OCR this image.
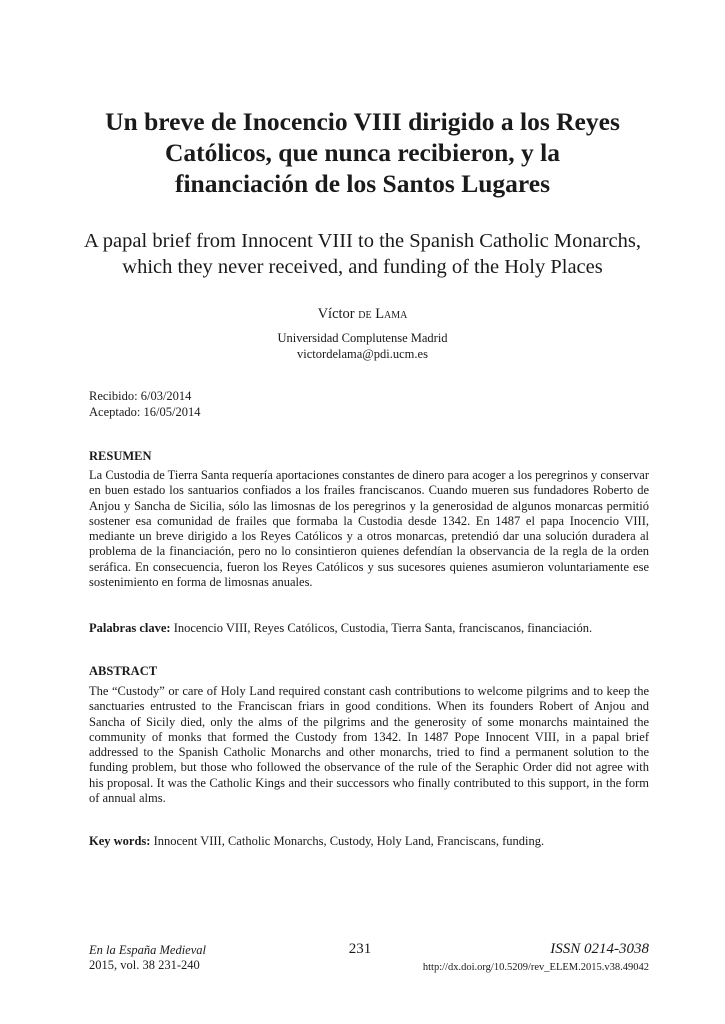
Un breve de Inocencio VIII dirigido a los Reyes
Católicos, que nunca recibieron, y la
financiación de los Santos Lugares
A papal brief from Innocent VIII to the Spanish Catholic Monarchs,
which they never received, and funding of the Holy Places
Víctor de Lama
Universidad Complutense Madrid
victordelama@pdi.ucm.es
Recibido: 6/03/2014
Aceptado: 16/05/2014
RESUMEN

La Custodia de Tierra Santa requería aportaciones constantes de dinero para acoger a los peregrinos y conservar en buen estado los santuarios confiados a los frailes franciscanos. Cuando mueren sus fundadores Roberto de Anjou y Sancha de Sicilia, sólo las limosnas de los peregrinos y la generosidad de algunos monarcas permitió sostener esa comunidad de frailes que formaba la Custodia desde 1342. En 1487 el papa Inocencio VIII, mediante un breve dirigido a los Reyes Católicos y a otros monarcas, pretendió dar una solución duradera al problema de la financiación, pero no lo consintieron quienes defendían la observancia de la regla de la orden seráfica. En consecuencia, fueron los Reyes Católicos y sus sucesores quienes asumieron voluntariamente ese sostenimiento en forma de limosnas anuales.

Palabras clave: Inocencio VIII, Reyes Católicos, Custodia, Tierra Santa, franciscanos, financiación.

ABSTRACT

The “Custody” or care of Holy Land required constant cash contributions to welcome pilgrims and to keep the sanctuaries entrusted to the Franciscan friars in good conditions. When its founders Robert of Anjou and Sancha of Sicily died, only the alms of the pilgrims and the generosity of some monarchs maintained the community of monks that formed the Custody from 1342. In 1487 Pope Innocent VIII, in a papal brief addressed to the Spanish Catholic Monarchs and other monarchs, tried to find a permanent solution to the funding problem, but those who followed the observance of the rule of the Seraphic Order did not agree with his proposal. It was the Catholic Kings and their successors who finally contributed to this support, in the form of annual alms.

Key words: Innocent VIII, Catholic Monarchs, Custody, Holy Land, Franciscans, funding.

En la España Medieval
2015, vol. 38 231-240
231	ISSN 0214-3038
http://dx.doi.org/10.5209/rev_ELEM.2015.v38.49042
